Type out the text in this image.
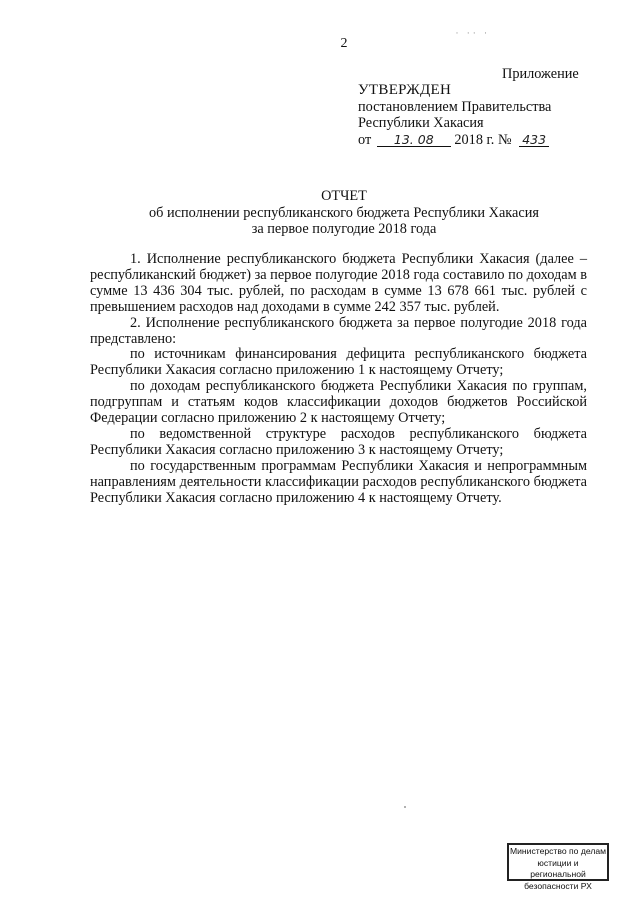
2
· ·· ·
Приложение
УТВЕРЖДЕН
постановлением Правительства
Республики Хакасия
от 13. 08 2018 г. № 433
ОТЧЕТ
об исполнении республиканского бюджета Республики Хакасия
за первое полугодие 2018 года

1. Исполнение республиканского бюджета Республики Хакасия (далее – республиканский бюджет) за первое полугодие 2018 года составило по доходам в сумме 13 436 304 тыс. рублей, по расходам в сумме 13 678 661 тыс. рублей с превышением расходов над доходами в сумме 242 357 тыс. рублей.

2. Исполнение республиканского бюджета за первое полугодие 2018 года представлено:

по источникам финансирования дефицита республиканского бюджета Республики Хакасия согласно приложению 1 к настоящему Отчету;

по доходам республиканского бюджета Республики Хакасия по группам, подгруппам и статьям кодов классификации доходов бюджетов Российской Федерации согласно приложению 2 к настоящему Отчету;

по ведомственной структуре расходов республиканского бюджета Республики Хакасия согласно приложению 3 к настоящему Отчету;

по государственным программам Республики Хакасия и непрограммным направлениям деятельности классификации расходов республиканского бюджета Республики Хакасия согласно приложению 4 к настоящему Отчету.

Министерство по делам
юстиции и региональной
безопасности РХ
